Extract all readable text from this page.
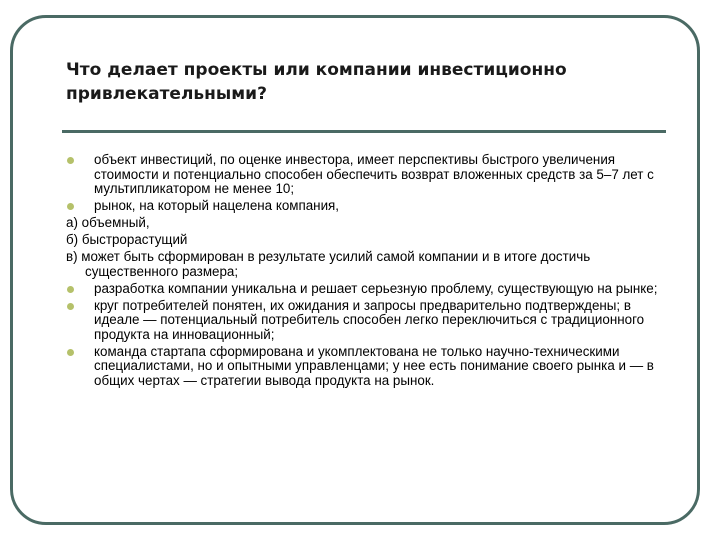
Что делает проекты или компании инвестиционно привлекательными?
объект инвестиций, по оценке инвестора, имеет перспективы быстрого увеличения стоимости и потенциально способен обеспечить возврат вложенных средств за 5–7 лет с мультипликатором не менее 10;
рынок, на который нацелена компания,
а) объемный,
б) быстрорастущий
в) может быть сформирован в результате усилий самой компании и в итоге достичь существенного размера;
разработка компании уникальна и решает серьезную проблему, существующую на рынке;
круг потребителей понятен, их ожидания и запросы предварительно подтверждены; в идеале — потенциальный потребитель способен легко переключиться с традиционного продукта на инновационный;
команда стартапа сформирована и укомплектована не только научно-техническими специалистами, но и опытными управленцами; у нее есть понимание своего рынка и — в общих чертах — стратегии вывода продукта на рынок.
